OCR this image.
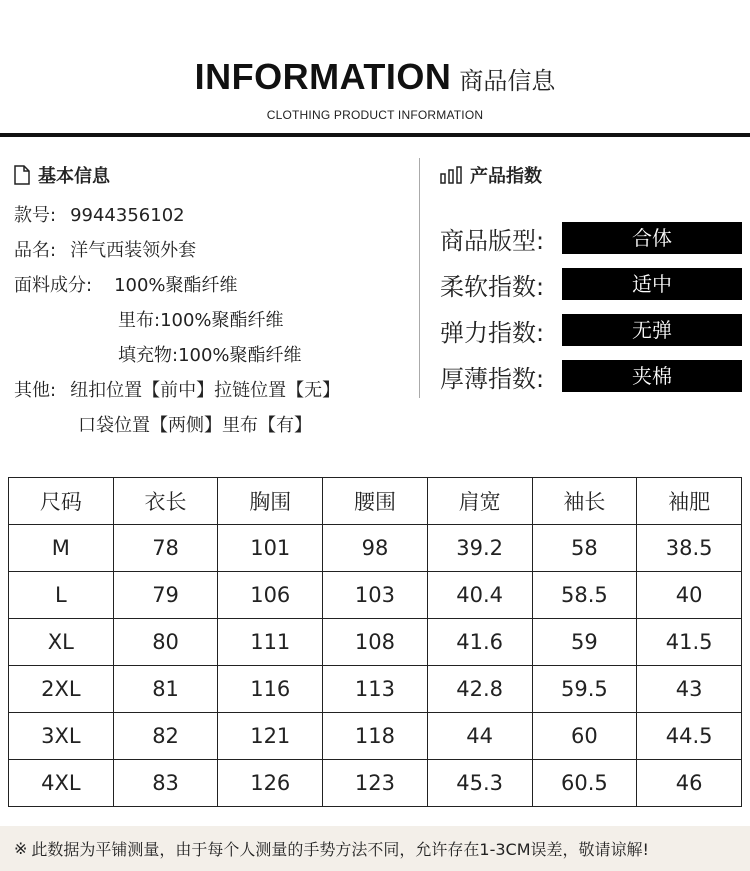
INFORMATION 商品信息
CLOTHING PRODUCT INFORMATION
基本信息
款号: 9944356102
品名: 洋气西装领外套
面料成分: 100%聚酯纤维
里布:100%聚酯纤维
填充物:100%聚酯纤维
其他: 纽扣位置【前中】拉链位置【无】
口袋位置【两侧】里布【有】
产品指数
商品版型:	合体
柔软指数:	适中
弹力指数:	无弹
厚薄指数:	夹棉
尺码	衣长	胸围	腰围	肩宽	袖长	袖肥
M	78	101	98	39.2	58	38.5
L	79	106	103	40.4	58.5	40
XL	80	111	108	41.6	59	41.5
2XL	81	116	113	42.8	59.5	43
3XL	82	121	118	44	60	44.5
4XL	83	126	123	45.3	60.5	46
※ 此数据为平铺测量，由于每个人测量的手势方法不同，允许存在1-3CM误差，敬请谅解!
